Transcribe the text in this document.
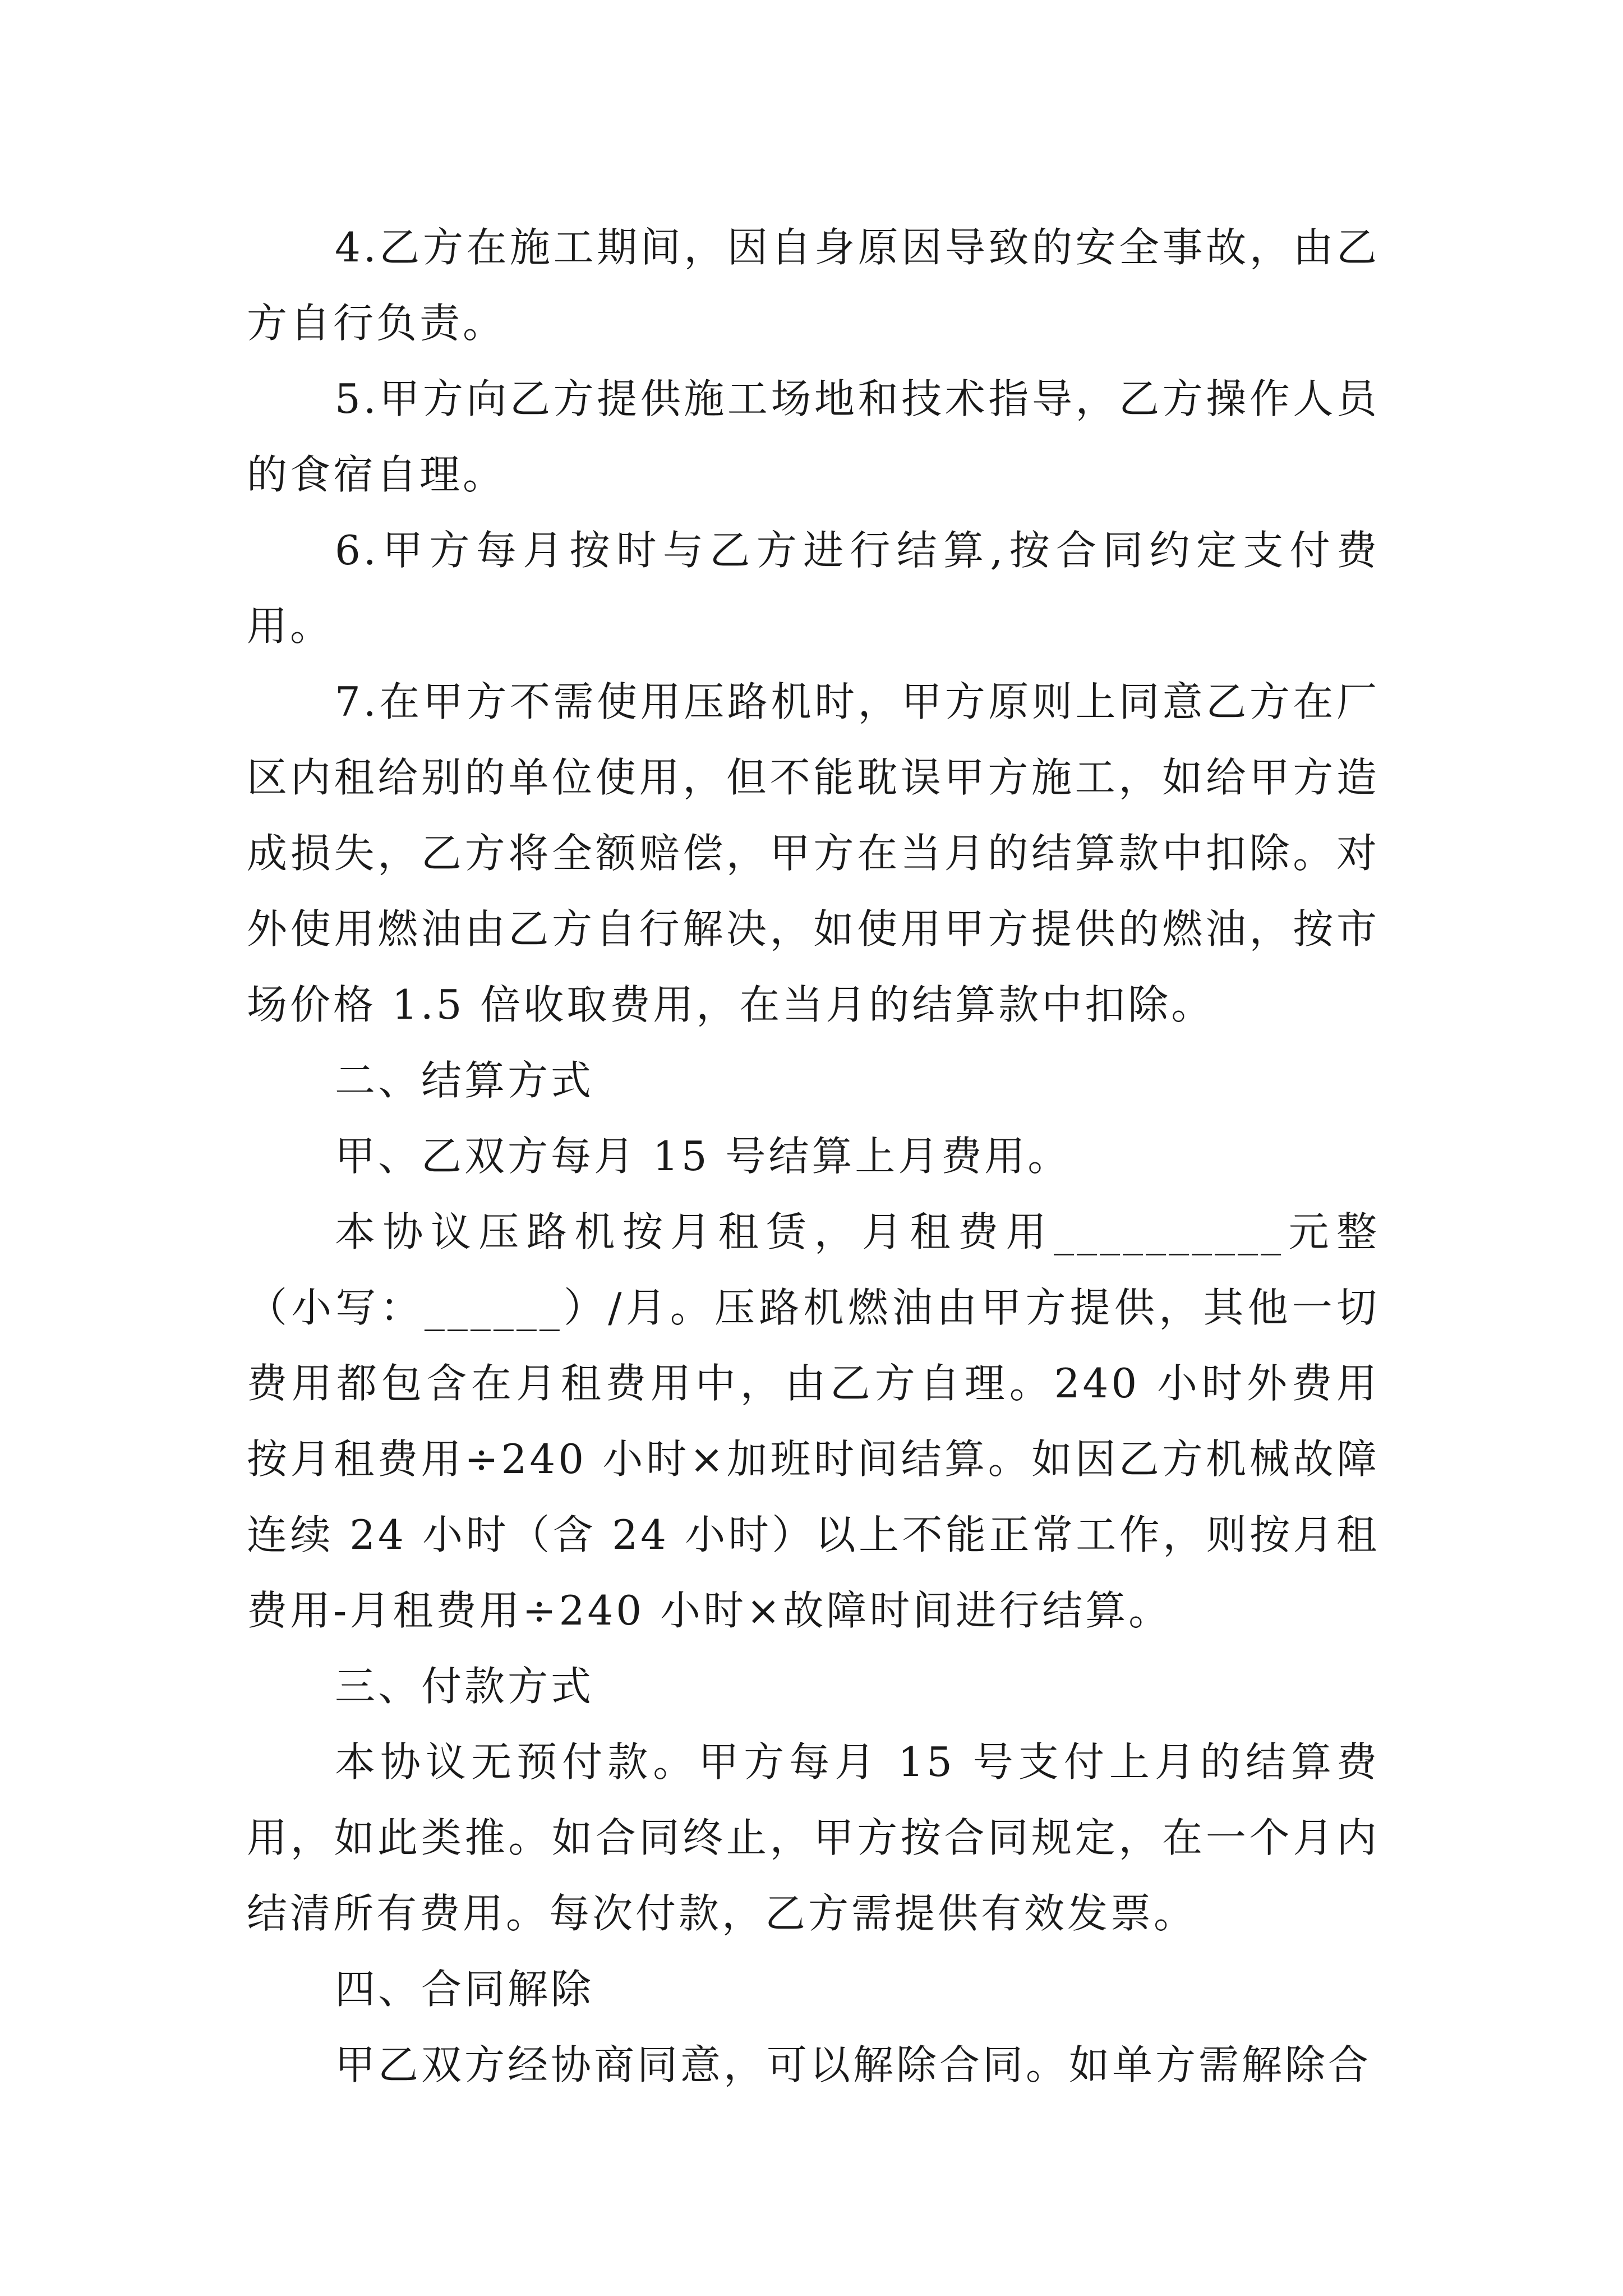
4.乙方在施工期间，因自身原因导致的安全事故，由乙方自行负责。

5.甲方向乙方提供施工场地和技术指导，乙方操作人员的食宿自理。

6.甲方每月按时与乙方进行结算,按合同约定支付费用。

7.在甲方不需使用压路机时，甲方原则上同意乙方在厂区内租给别的单位使用，但不能耽误甲方施工，如给甲方造成损失，乙方将全额赔偿，甲方在当月的结算款中扣除。对外使用燃油由乙方自行解决，如使用甲方提供的燃油，按市场价格 1.5 倍收取费用，在当月的结算款中扣除。

二、结算方式

甲、乙双方每月 15 号结算上月费用。

本协议压路机按月租赁，月租费用__________元整（小写：______）/月。压路机燃油由甲方提供，其他一切费用都包含在月租费用中，由乙方自理。240 小时外费用按月租费用÷240 小时×加班时间结算。如因乙方机械故障连续 24 小时（含 24 小时）以上不能正常工作，则按月租费用-月租费用÷240 小时×故障时间进行结算。

三、付款方式

本协议无预付款。甲方每月 15 号支付上月的结算费用，如此类推。如合同终止，甲方按合同规定，在一个月内结清所有费用。每次付款，乙方需提供有效发票。

四、合同解除

甲乙双方经协商同意，可以解除合同。如单方需解除合
